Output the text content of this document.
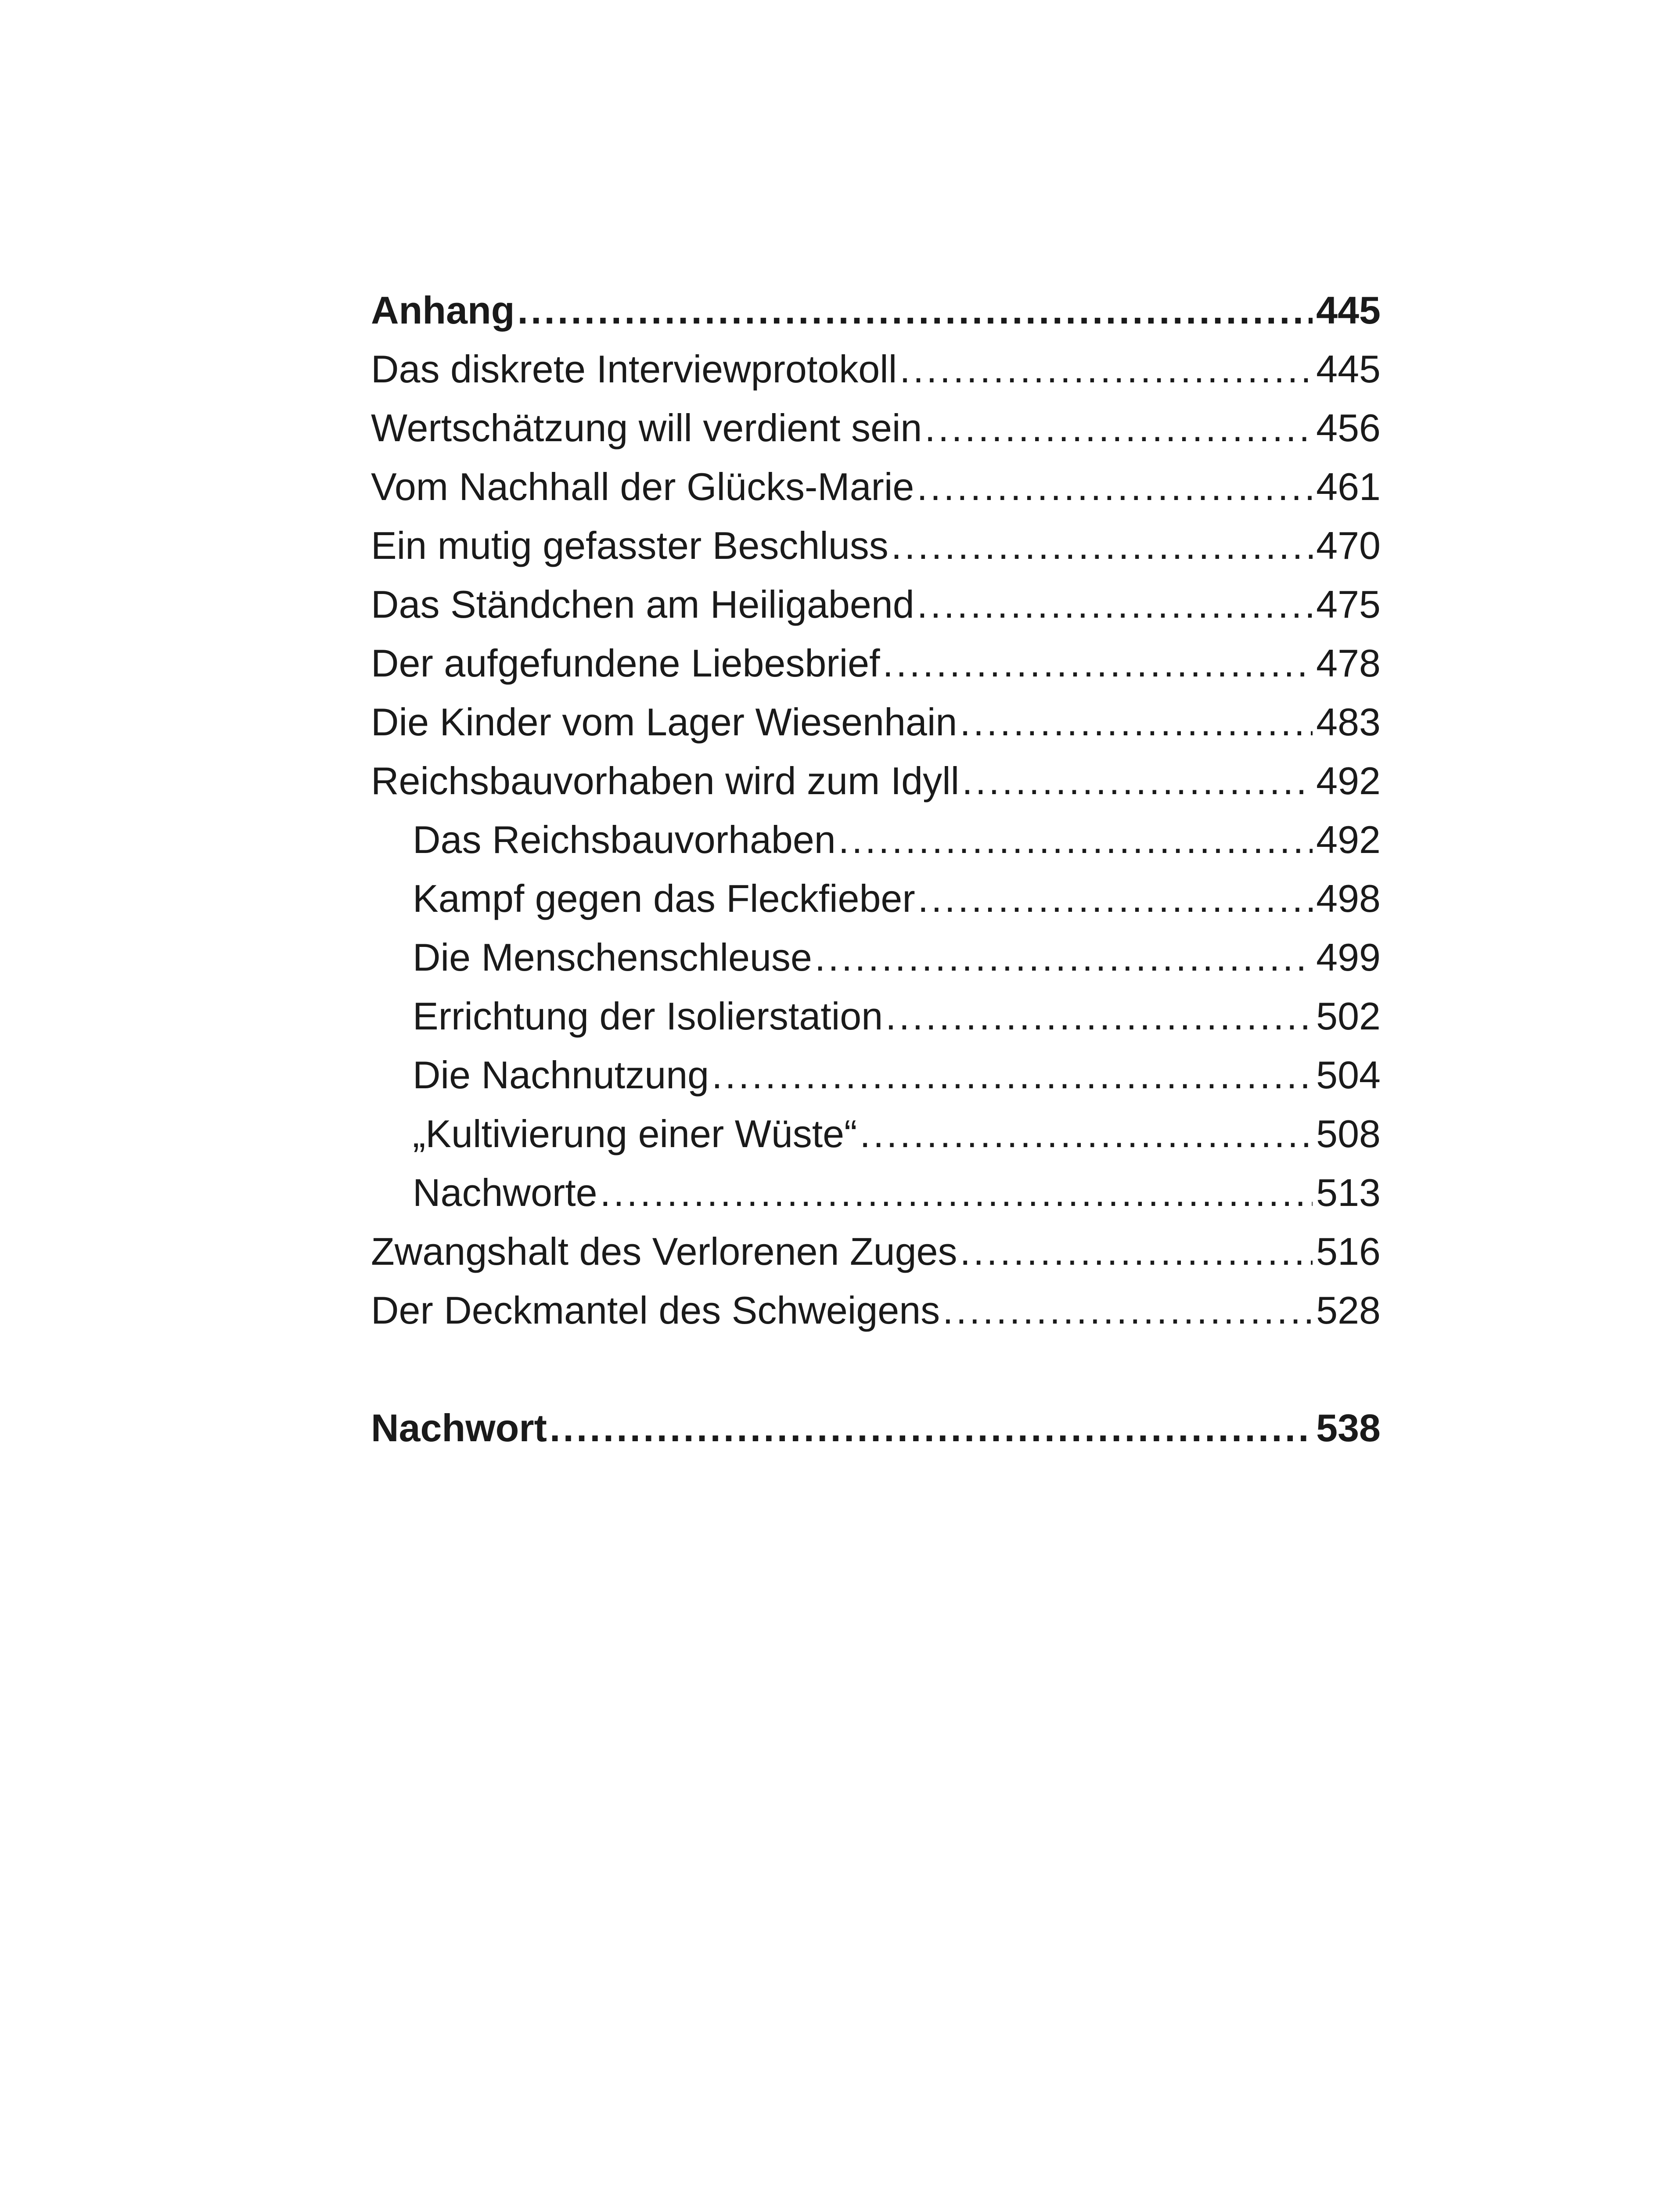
Anhang .....	445
Das diskrete Interviewprotokoll .....	445
Wertschätzung will verdient sein .....	456
Vom Nachhall der Glücks-Marie .....	461
Ein mutig gefasster Beschluss .....	470
Das Ständchen am Heiligabend .....	475
Der aufgefundene Liebesbrief .....	478
Die Kinder vom Lager Wiesenhain .....	483
Reichsbauvorhaben wird zum Idyll .....	492
Das Reichsbauvorhaben .....	492
Kampf gegen das Fleckfieber .....	498
Die Menschenschleuse .....	499
Errichtung der Isolierstation .....	502
Die Nachnutzung .....	504
„Kultivierung einer Wüste“ .....	508
Nachworte .....	513
Zwangshalt des Verlorenen Zuges .....	516
Der Deckmantel des Schweigens .....	528
Nachwort .....	538
